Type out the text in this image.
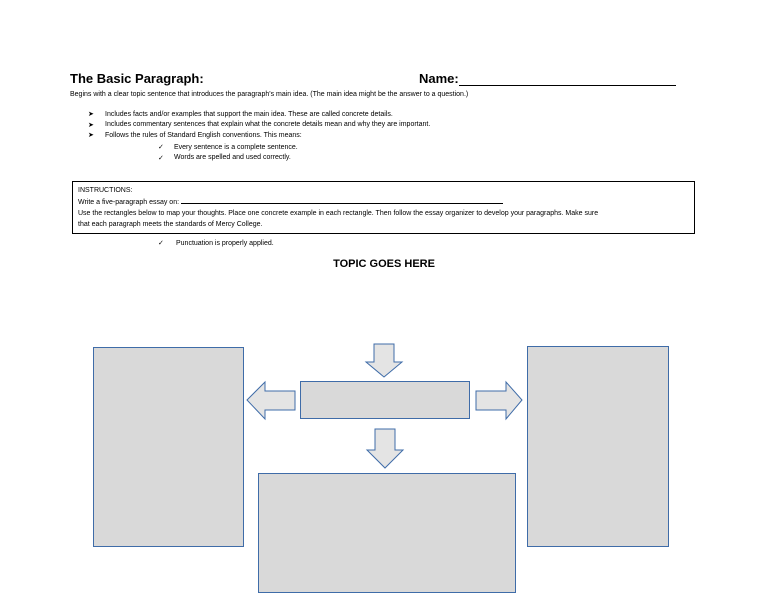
The Basic Paragraph:	Name:
Begins with a clear topic sentence that introduces the paragraph's main idea. (The main idea might be the answer to a question.)
➤	Includes facts and/or examples that support the main idea. These are called concrete details.
➤	Includes commentary sentences that explain what the concrete details mean and why they are important.
➤	Follows the rules of Standard English conventions. This means:
✓	Every sentence is a complete sentence.
✓	Words are spelled and used correctly.
INSTRUCTIONS:
Write a five-paragraph essay on:
Use the rectangles below to map your thoughts. Place one concrete example in each rectangle. Then follow the essay organizer to develop your paragraphs. Make sure
that each paragraph meets the standards of Mercy College.
✓	Punctuation is properly applied.
TOPIC GOES HERE
